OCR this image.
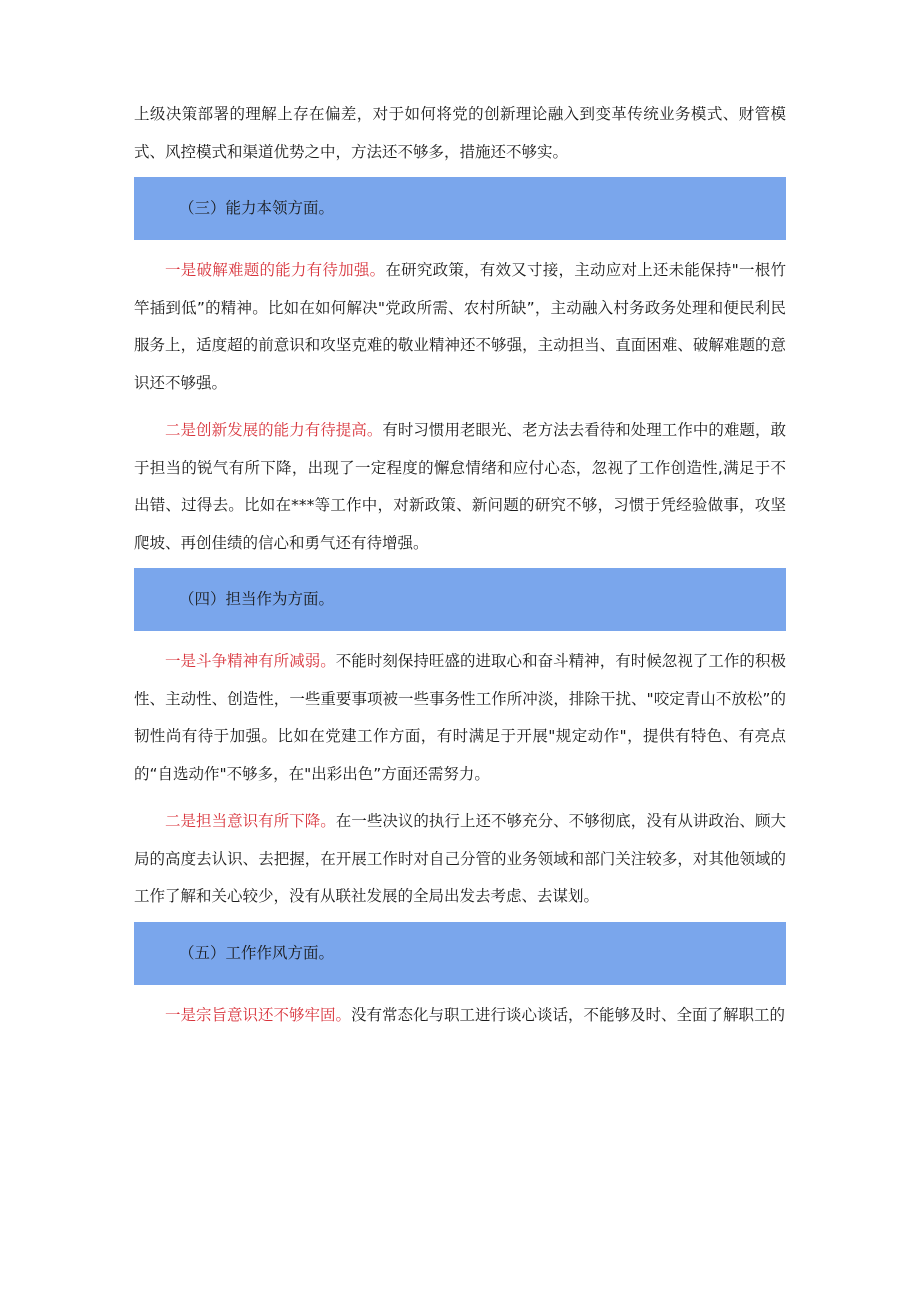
上级决策部署的理解上存在偏差，对于如何将党的创新理论融入到变革传统业务模式、财管模式、风控模式和渠道优势之中，方法还不够多，措施还不够实。

（三）能力本领方面。

一是破解难题的能力有待加强。在研究政策，有效又寸接，主动应对上还未能保持"一根竹竿插到低”的精神。比如在如何解决"党政所需、农村所缺”，主动融入村务政务处理和便民利民服务上，适度超的前意识和攻坚克难的敬业精神还不够强，主动担当、直面困难、破解难题的意识还不够强。

二是创新发展的能力有待提高。有时习惯用老眼光、老方法去看待和处理工作中的难题，敢于担当的锐气有所下降，出现了一定程度的懈怠情绪和应付心态，忽视了工作创造性,满足于不出错、过得去。比如在***等工作中，对新政策、新问题的研究不够，习惯于凭经验做事，攻坚爬坡、再创佳绩的信心和勇气还有待增强。

（四）担当作为方面。

一是斗争精神有所减弱。不能时刻保持旺盛的进取心和奋斗精神，有时候忽视了工作的积极性、主动性、创造性，一些重要事项被一些事务性工作所冲淡，排除干扰、"咬定青山不放松”的韧性尚有待于加强。比如在党建工作方面，有时满足于开展"规定动作"，提供有特色、有亮点的“自选动作"不够多，在"出彩出色”方面还需努力。

二是担当意识有所下降。在一些决议的执行上还不够充分、不够彻底，没有从讲政治、顾大局的高度去认识、去把握，在开展工作时对自己分管的业务领域和部门关注较多，对其他领域的工作了解和关心较少，没有从联社发展的全局出发去考虑、去谋划。

（五）工作作风方面。

一是宗旨意识还不够牢固。没有常态化与职工进行谈心谈话，不能够及时、全面了解职工的
